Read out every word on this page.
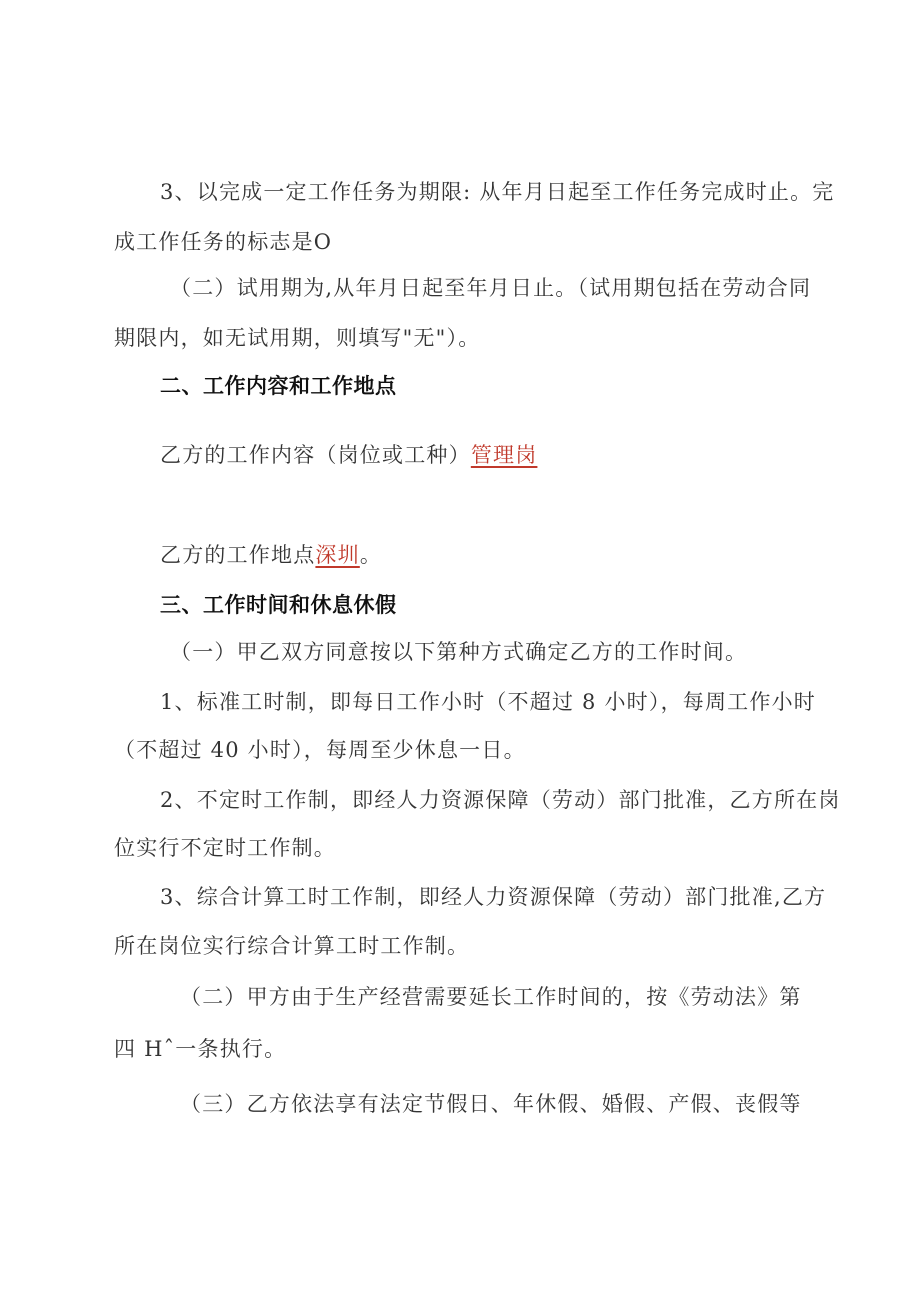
3、以完成一定工作任务为期限: 从年月日起至工作任务完成时止。完
成工作任务的标志是O
（二）试用期为,从年月日起至年月日止。（试用期包括在劳动合同
期限内，如无试用期，则填写"无"）。
二、工作内容和工作地点
乙方的工作内容（岗位或工种）管理岗
乙方的工作地点深圳。
三、工作时间和休息休假
（一）甲乙双方同意按以下第种方式确定乙方的工作时间。
1、标准工时制，即每日工作小时（不超过 8 小时），每周工作小时
（不超过 40 小时），每周至少休息一日。
2、不定时工作制，即经人力资源保障（劳动）部门批准，乙方所在岗
位实行不定时工作制。
3、综合计算工时工作制，即经人力资源保障（劳动）部门批准,乙方
所在岗位实行综合计算工时工作制。
（二）甲方由于生产经营需要延长工作时间的，按《劳动法》第
四 Hˆ一条执行。
（三）乙方依法享有法定节假日、年休假、婚假、产假、丧假等
